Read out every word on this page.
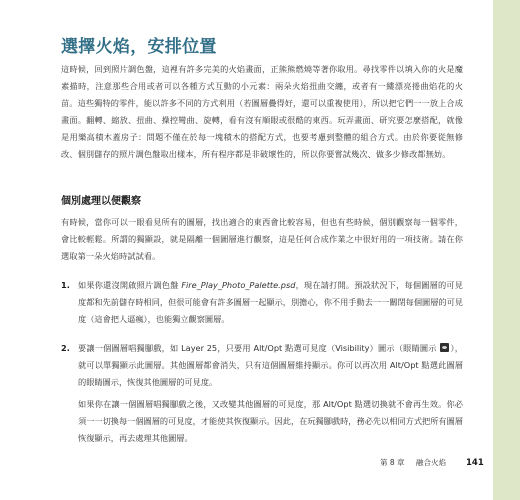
選擇火焰，安排位置
這時候，回到照片調色盤，這裡有許多完美的火焰畫面，正熊熊燃燒等著你取用。尋找零件以填入你的火是魔素描時，注意那些合用或者可以各種方式互動的小元素：兩朵火焰扭曲交纏，或者有一縷漂亮捲曲焰花的火苗。這些獨特的零件，能以許多不同的方式利用（若圖層疊得好，還可以重複使用），所以把它們一一放上合成畫面。翻轉、縮放、扭曲、操控彎曲、旋轉，看有沒有順眼或很酷的東西。玩弄畫面、研究要怎麼搭配，就像是用樂高積木蓋房子：問題不僅在於每一塊積木的搭配方式，也要考慮到整體的組合方式。由於你要從無修改、個別儲存的照片調色盤取出樣本，所有程序都是非破壞性的，所以你要嘗試幾次、做多少修改都無妨。
個別處理以便觀察
有時候，當你可以一眼看見所有的圖層，找出適合的東西會比較容易，但也有些時候，個別觀察每一個零件，會比較輕鬆。所謂的獨顯設，就是隔離一個圖層進行觀察，這是任何合成作業之中很好用的一項技術。請在你選取第一朵火焰時試試看。
1. 如果你還沒開啟照片調色盤 Fire_Play_Photo_Palette.psd，現在請打開。預設狀況下，每個圖層的可見度都和先前儲存時相同，但很可能會有許多圖層一起顯示，別擔心，你不用手動去一一關閉每個圖層的可見度（這會把人逼瘋），也能獨立觀察圖層。
2. 要讓一個圖層唱獨腳戲，如 Layer 25，只要用 Alt/Opt 點選可見度（Visibility）圖示（眼睛圖示 ），就可以單獨顯示此圖層。其他圖層都會消失，只有這個圖層維持顯示。你可以再次用 Alt/Opt 點選此圖層的眼睛圖示，恢復其他圖層的可見度。
如果你在讓一個圖層唱獨腳戲之後，又改變其他圖層的可見度，那 Alt/Opt 點選切換就不會再生效。你必須一一切換每一個圖層的可見度，才能使其恢復顯示。因此，在玩獨腳戲時，務必先以相同方式把所有圖層恢復顯示，再去處理其他圖層。
第 8 章 融合火焰 141
